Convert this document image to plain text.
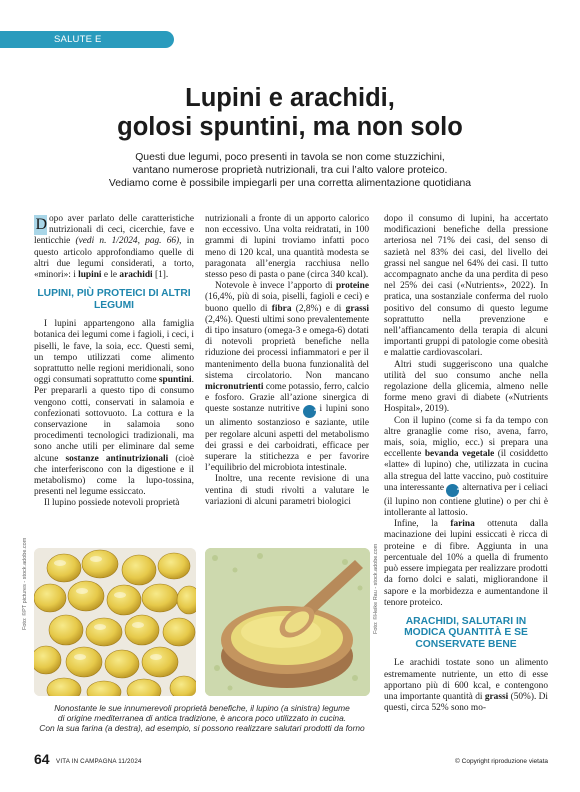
SALUTE E ALIMENTAZIONE
Lupini e arachidi,
golosi spuntini, ma non solo
Questi due legumi, poco presenti in tavola se non come stuzzichini,
vantano numerose proprietà nutrizionali, tra cui l’alto valore proteico.
Vediamo come è possibile impiegarli per una corretta alimentazione quotidiana

D opo aver parlato delle caratteristiche nutrizionali di ceci, cicerchie, fave e lenticchie (vedi n. 1/2024, pag. 66), in questo articolo approfondiamo quelle di altri due legumi considerati, a torto, «minori»: i lupini e le arachidi [1].

LUPINI, PIÙ PROTEICI DI ALTRI LEGUMI

I lupini appartengono alla famiglia botanica dei legumi come i fagioli, i ceci, i piselli, le fave, la soia, ecc. Questi semi, un tempo utilizzati come alimento soprattutto nelle regioni meridionali, sono oggi consumati soprattutto come spuntini. Per prepararli a questo tipo di consumo vengono cotti, conservati in salamoia e confezionati sottovuoto. La cottura e la conservazione in salamoia sono procedimenti tecnologici tradizionali, ma sono anche utili per eliminare dal seme alcune sostanze antinutrizionali (cioè che interferiscono con la digestione e il metabolismo) come la lupo-tossina, presenti nel legume essiccato.

Il lupino possiede notevoli proprietà

nutrizionali a fronte di un apporto calorico non eccessivo. Una volta reidratati, in 100 grammi di lupini troviamo infatti poco meno di 120 kcal, una quantità modesta se paragonata all’energia racchiusa nello stesso peso di pasta o pane (circa 340 kcal).

Notevole è invece l’apporto di proteine (16,4%, più di soia, piselli, fagioli e ceci) e buono quello di fibra (2,8%) e di grassi (2,4%). Questi ultimi sono prevalentemente di tipo insaturo (omega-3 e omega-6) dotati di notevoli proprietà benefiche nella riduzione dei processi infiammatori e per il mantenimento della buona funzionalità del sistema circolatorio. Non mancano micronutrienti come potassio, ferro, calcio e fosforo. Grazie all’azione sinergica di queste sostanze nutritive ➜i lupini sono un alimento sostanzioso e saziante, utile per regolare alcuni aspetti del metabolismo dei grassi e dei carboidrati, efficace per superare la stitichezza e per favorire l’equilibrio del microbiota intestinale.

Inoltre, una recente revisione di una ventina di studi rivolti a valutare le variazioni di alcuni parametri biologici

dopo il consumo di lupini, ha accertato modificazioni benefiche della pressione arteriosa nel 71% dei casi, del senso di sazietà nel 83% dei casi, del livello dei grassi nel sangue nel 64% dei casi. Il tutto accompagnato anche da una perdita di peso nel 25% dei casi («Nutrients», 2022). In pratica, una sostanziale conferma del ruolo positivo del consumo di questo legume soprattutto nella prevenzione e nell’affiancamento della terapia di alcuni importanti gruppi di patologie come obesità e malattie cardiovascolari.

Altri studi suggeriscono una qualche utilità del suo consumo anche nella regolazione della glicemia, almeno nelle forme meno gravi di diabete («Nutrients Hospital», 2019).

Con il lupino (come si fa da tempo con altre granaglie come riso, avena, farro, mais, soia, miglio, ecc.) si prepara una eccellente bevanda vegetale (il cosiddetto «latte» di lupino) che, utilizzata in cucina alla stregua del latte vaccino, può costituire una interessante ➜alternativa per i celiaci (il lupino non contiene glutine) o per chi è intollerante al lattosio.

Infine, la farina ottenuta dalla macinazione dei lupini essiccati è ricca di proteine e di fibre. Aggiunta in una percentuale del 10% a quella di frumento può essere impiegata per realizzare prodotti da forno dolci e salati, migliorandone il sapore e la morbidezza e aumentandone il tenore proteico.

ARACHIDI, SALUTARI IN MODICA QUANTITÀ E SE CONSERVATE BENE

Le arachidi tostate sono un alimento estremamente nutriente, un etto di esse apportano più di 600 kcal, e contengono una importante quantità di grassi (50%). Di questi, circa 52% sono mo-

Foto: ©PT pictures - stock.adobe.com	Foto: ©Heike Rau - stock.adobe.com
Nonostante le sue innumerevoli proprietà benefiche, il lupino (a sinistra) legume
di origine mediterranea di antica tradizione, è ancora poco utilizzato in cucina.
Con la sua farina (a destra), ad esempio, si possono realizzare salutari prodotti da forno
64 VITA IN CAMPAGNA 11/2024	© Copyright riproduzione vietata
